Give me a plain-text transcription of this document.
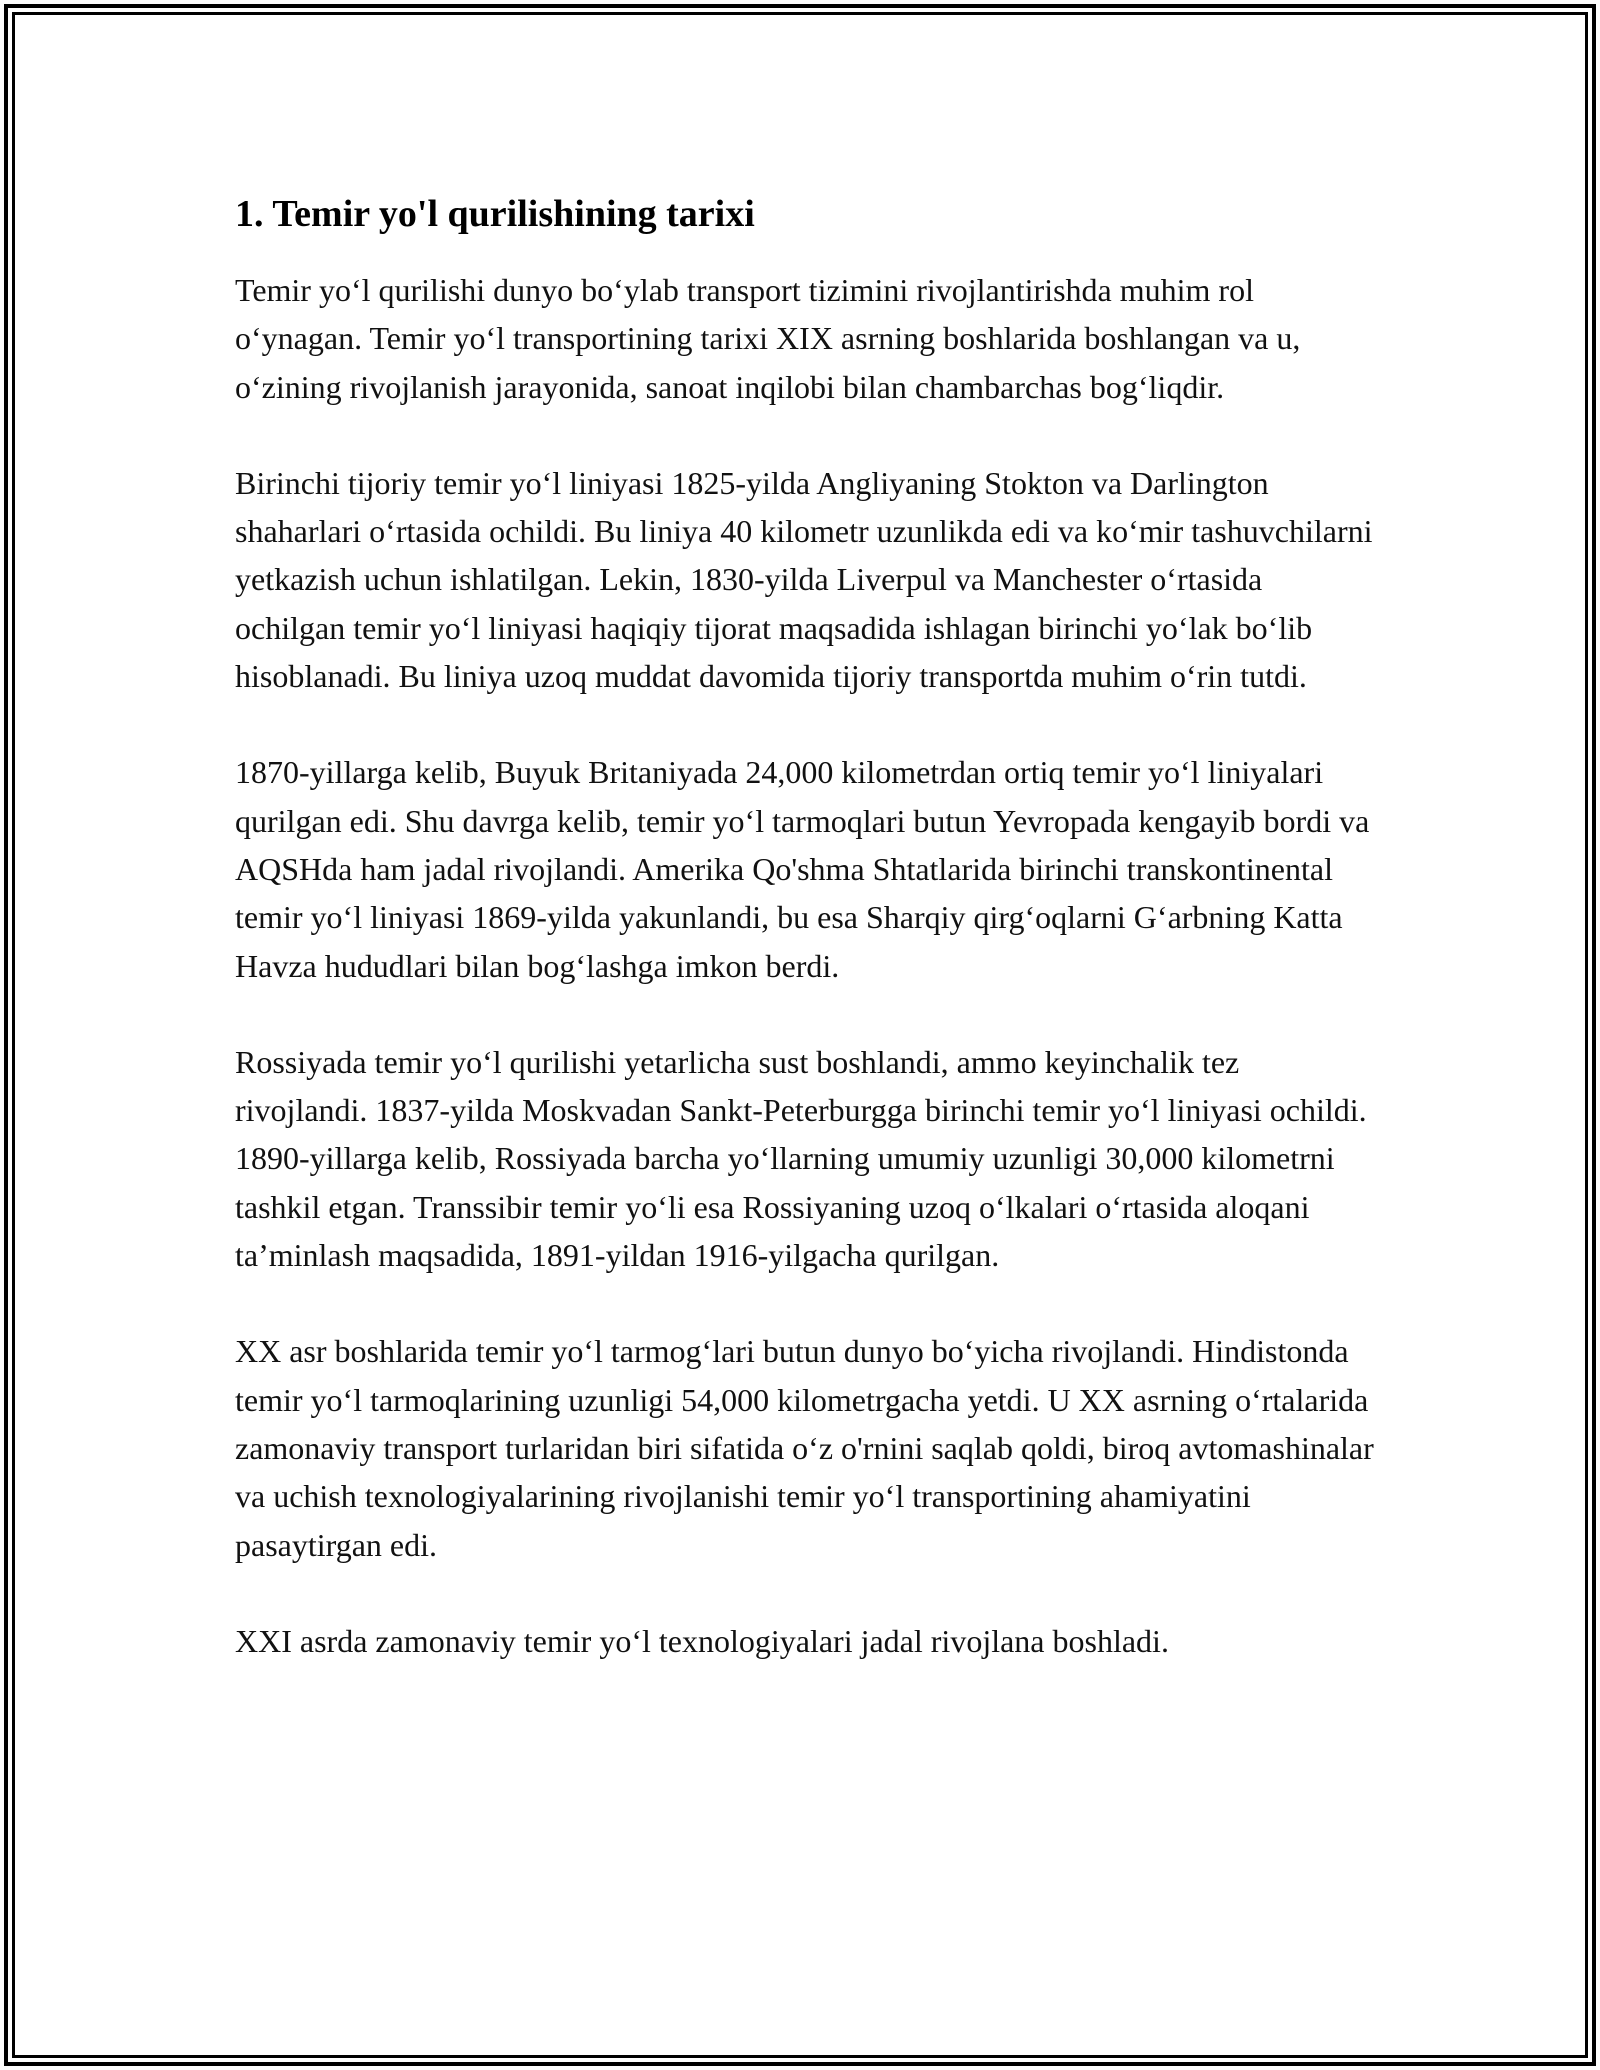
1. Temir yo'l qurilishining tarixi

Temir yo‘l qurilishi dunyo bo‘ylab transport tizimini rivojlantirishda muhim rol o‘ynagan. Temir yo‘l transportining tarixi XIX asrning boshlarida boshlangan va u, o‘zining rivojlanish jarayonida, sanoat inqilobi bilan chambarchas bog‘liqdir.

Birinchi tijoriy temir yo‘l liniyasi 1825-yilda Angliyaning Stokton va Darlington shaharlari o‘rtasida ochildi. Bu liniya 40 kilometr uzunlikda edi va ko‘mir tashuvchilarni yetkazish uchun ishlatilgan. Lekin, 1830-yilda Liverpul va Manchester o‘rtasida ochilgan temir yo‘l liniyasi haqiqiy tijorat maqsadida ishlagan birinchi yo‘lak bo‘lib hisoblanadi. Bu liniya uzoq muddat davomida tijoriy transportda muhim o‘rin tutdi.

1870-yillarga kelib, Buyuk Britaniyada 24,000 kilometrdan ortiq temir yo‘l liniyalari qurilgan edi. Shu davrga kelib, temir yo‘l tarmoqlari butun Yevropada kengayib bordi va AQSHda ham jadal rivojlandi. Amerika Qo'shma Shtatlarida birinchi transkontinental temir yo‘l liniyasi 1869-yilda yakunlandi, bu esa Sharqiy qirg‘oqlarni G‘arbning Katta Havza hududlari bilan bog‘lashga imkon berdi.

Rossiyada temir yo‘l qurilishi yetarlicha sust boshlandi, ammo keyinchalik tez rivojlandi. 1837-yilda Moskvadan Sankt-Peterburgga birinchi temir yo‘l liniyasi ochildi. 1890-yillarga kelib, Rossiyada barcha yo‘llarning umumiy uzunligi 30,000 kilometrni tashkil etgan. Transsibir temir yo‘li esa Rossiyaning uzoq o‘lkalari o‘rtasida aloqani ta’minlash maqsadida, 1891-yildan 1916-yilgacha qurilgan.

XX asr boshlarida temir yo‘l tarmog‘lari butun dunyo bo‘yicha rivojlandi. Hindistonda temir yo‘l tarmoqlarining uzunligi 54,000 kilometrgacha yetdi. U XX asrning o‘rtalarida zamonaviy transport turlaridan biri sifatida o‘z o'rnini saqlab qoldi, biroq avtomashinalar va uchish texnologiyalarining rivojlanishi temir yo‘l transportining ahamiyatini pasaytirgan edi.

XXI asrda zamonaviy temir yo‘l texnologiyalari jadal rivojlana boshladi.
